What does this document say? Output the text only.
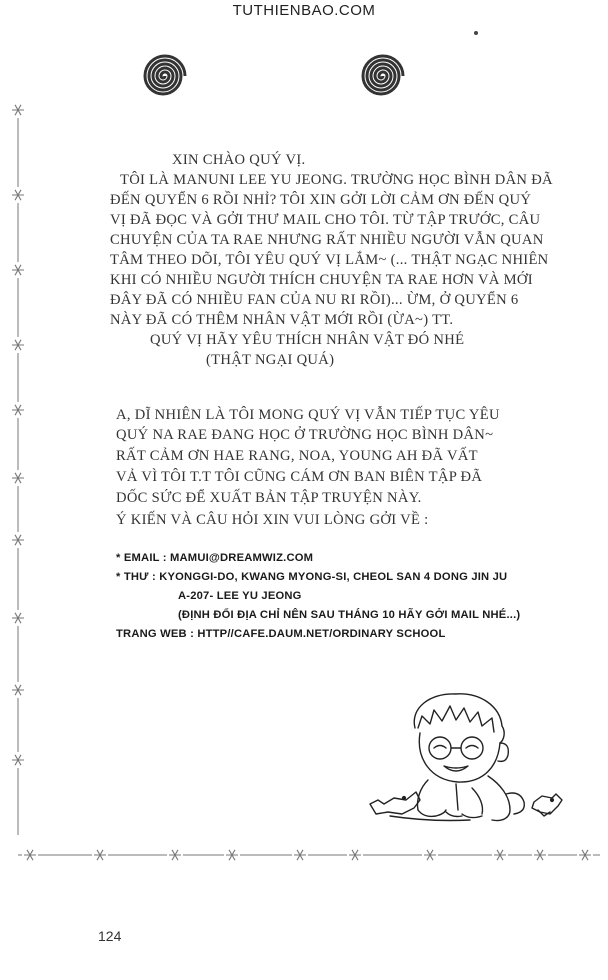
TUTHIENBAO.COM
XIN CHÀO QUÝ VỊ.
TÔI LÀ MANUNI LEE YU JEONG. TRƯỜNG HỌC BÌNH DÂN ĐÃ
ĐẾN QUYỂN 6 RỒI NHỈ? TÔI XIN GỞI LỜI CẢM ƠN ĐẾN QUÝ
VỊ ĐÃ ĐỌC VÀ GỞI THƯ MAIL CHO TÔI. TỪ TẬP TRƯỚC, CÂU
CHUYỆN CỦA TA RAE NHƯNG RẤT NHIỀU NGƯỜI VẪN QUAN
TÂM THEO DÕI, TÔI YÊU QUÝ VỊ LẮM~ (... THẬT NGẠC NHIÊN
KHI CÓ NHIỀU NGƯỜI THÍCH CHUYỆN TA RAE HƠN VÀ MỚI
ĐÂY ĐÃ CÓ NHIỀU FAN CỦA NU RI RỒI)... ỪM, Ở QUYỂN 6
NÀY ĐÃ CÓ THÊM NHÂN VẬT MỚI RỒI (ỪA~) TT.
QUÝ VỊ HÃY YÊU THÍCH NHÂN VẬT ĐÓ NHÉ
(THẬT NGẠI QUÁ)
A, DĨ NHIÊN LÀ TÔI MONG QUÝ VỊ VẪN TIẾP TỤC YÊU
QUÝ NA RAE ĐANG HỌC Ở TRƯỜNG HỌC BÌNH DÂN~
RẤT CẢM ƠN HAE RANG, NOA, YOUNG AH ĐÃ VẤT
VẢ VÌ TÔI T.T TÔI CŨNG CÁM ƠN BAN BIÊN TẬP ĐÃ
DỐC SỨC ĐỂ XUẤT BẢN TẬP TRUYỆN NÀY.
Ý KIẾN VÀ CÂU HỎI XIN VUI LÒNG GỞI VỀ :
* EMAIL : MAMUI@DREAMWIZ.COM
* THƯ : KYONGGI-DO, KWANG MYONG-SI, CHEOL SAN 4 DONG JIN JU
A-207- LEE YU JEONG
(ĐỊNH ĐỔI ĐỊA CHỈ NÊN SAU THÁNG 10 HÃY GỞI MAIL NHÉ...)
TRANG WEB : HTTP//CAFE.DAUM.NET/ORDINARY SCHOOL
124
